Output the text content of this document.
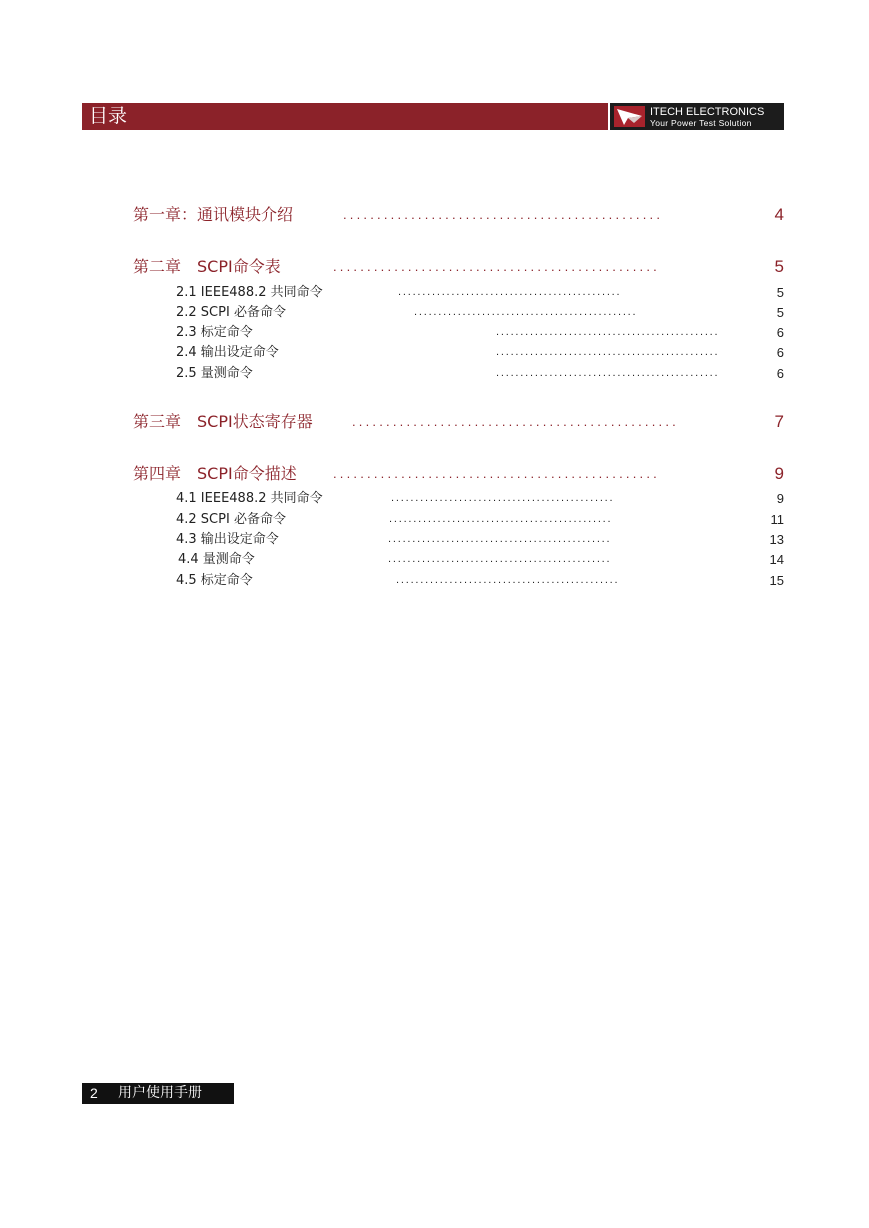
目录	ITECH ELECTRONICS
Your Power Test Solution
第一章：通讯模块介绍	...............................................	4
第二章　SCPI命令表	................................................	5
2.1 IEEE488.2 共同命令	..............................................	5
2.2 SCPI 必备命令	..............................................	5
2.3 标定命令	..............................................	6
2.4 输出设定命令	..............................................	6
2.5 量测命令	..............................................	6
第三章　SCPI状态寄存器	................................................	7
第四章　SCPI命令描述	................................................	9
4.1 IEEE488.2 共同命令	..............................................	9
4.2 SCPI 必备命令	..............................................	11
4.3 输出设定命令	..............................................	13
4.4 量测命令	..............................................	14
4.5 标定命令	..............................................	15
2 用户使用手册
